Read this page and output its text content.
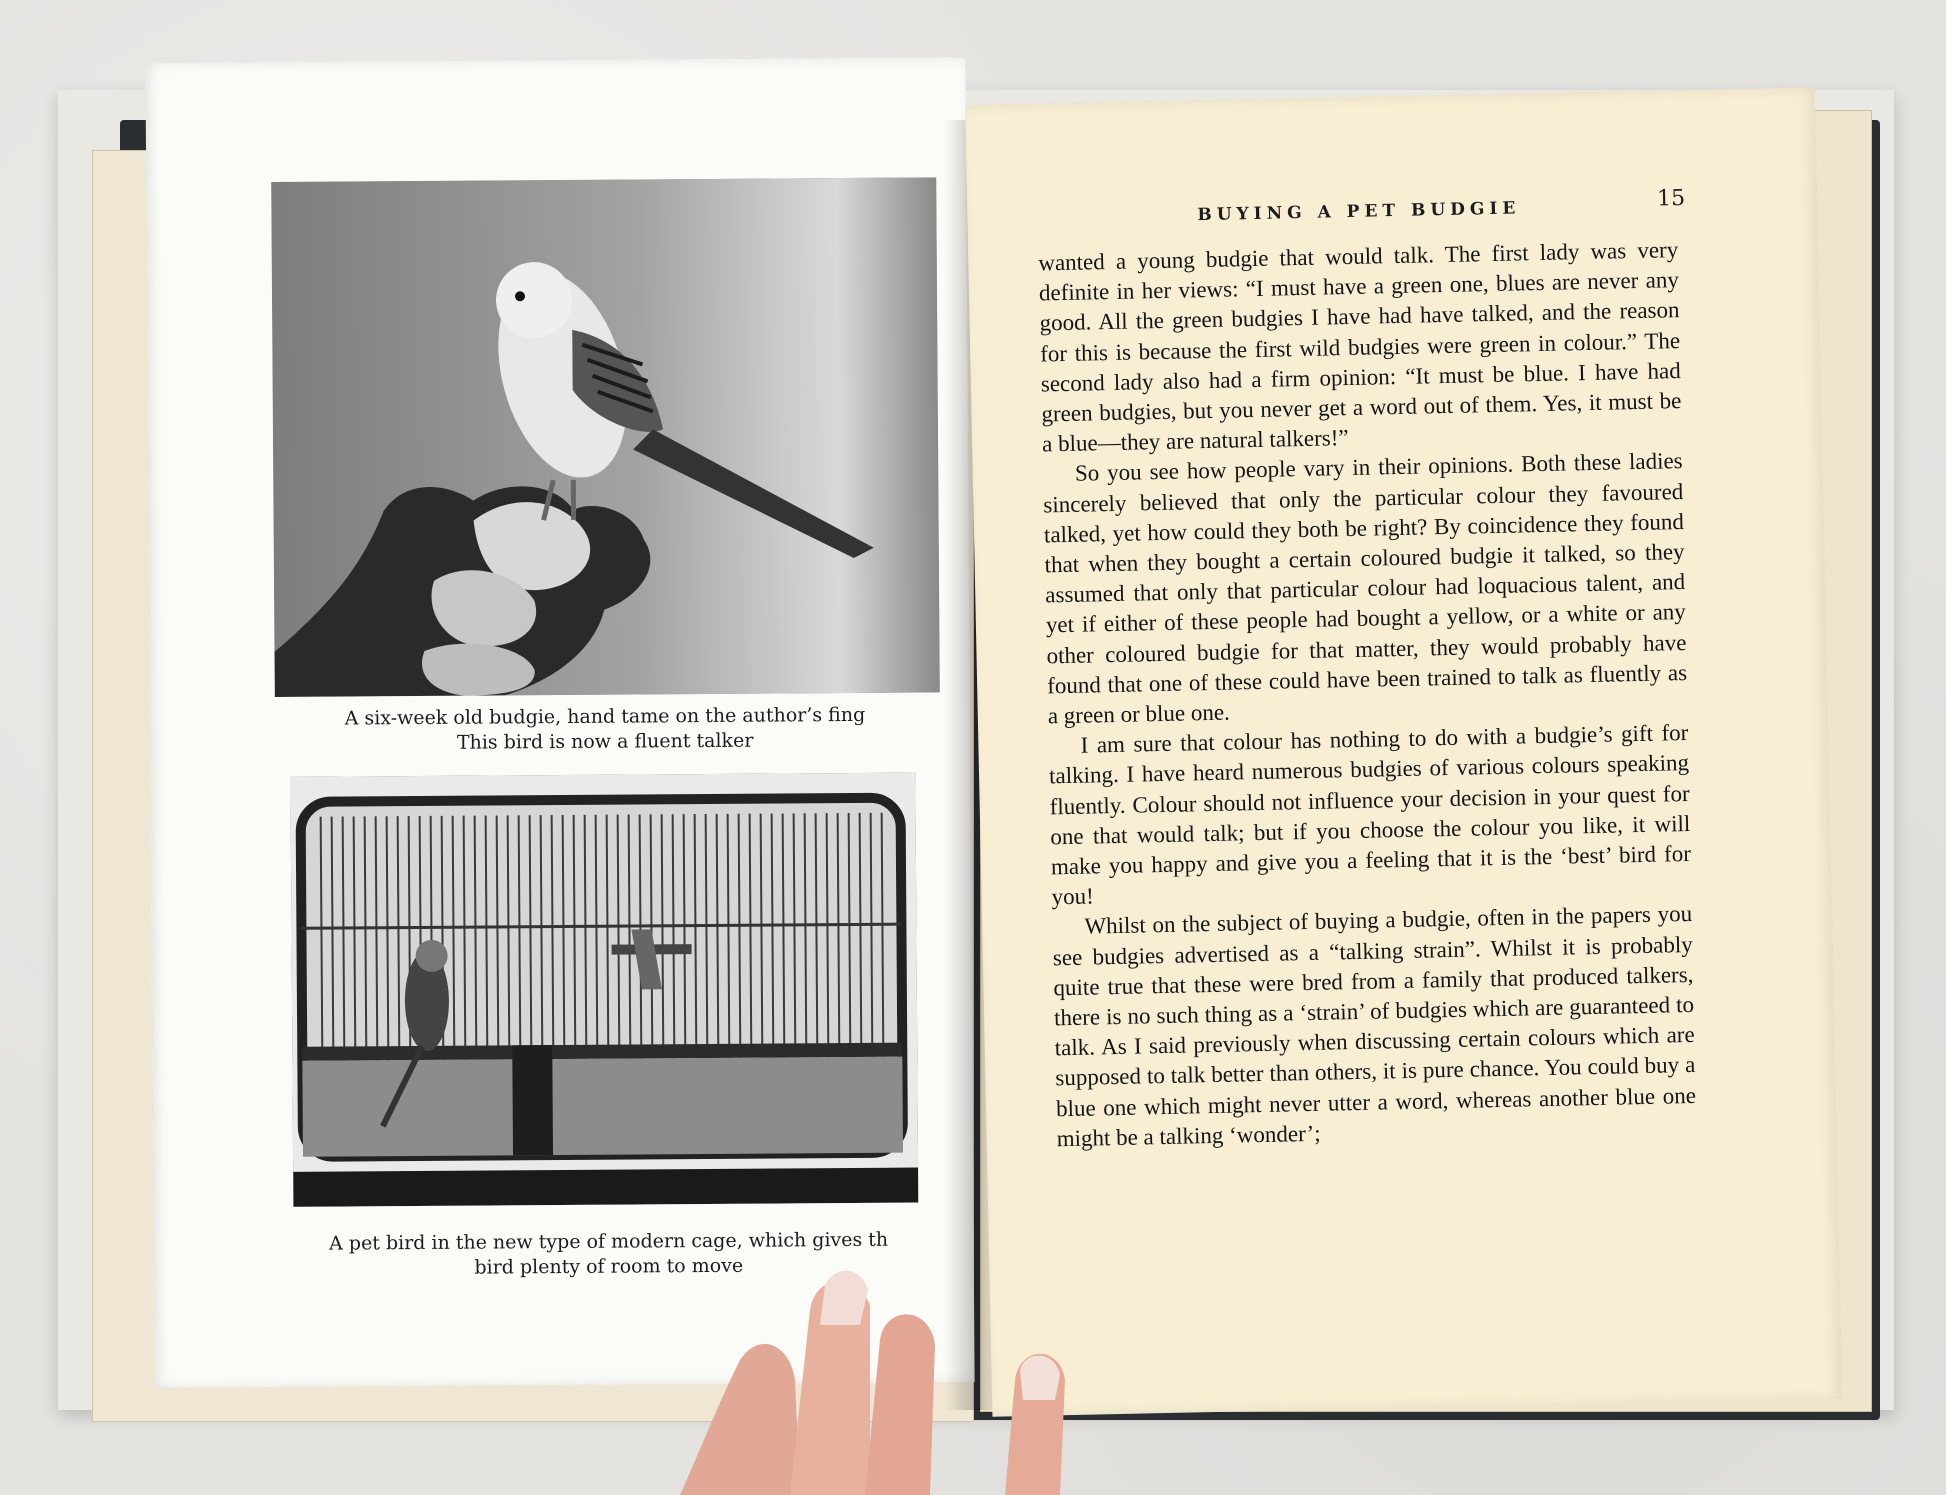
A six-week old budgie, hand tame on the author’s fing
This bird is now a fluent talker
A pet bird in the new type of modern cage, which gives th
bird plenty of room to move
BUYING A PET BUDGIE	15

wanted a young budgie that would talk. The first lady was very definite in her views: “I must have a green one, blues are never any good. All the green budgies I have had have talked, and the reason for this is because the first wild budgies were green in colour.” The second lady also had a firm opinion: “It must be blue. I have had green budgies, but you never get a word out of them. Yes, it must be a blue—they are natural talkers!”

So you see how people vary in their opinions. Both these ladies sincerely believed that only the particular colour they favoured talked, yet how could they both be right? By coincidence they found that when they bought a certain coloured budgie it talked, so they assumed that only that particular colour had loquacious talent, and yet if either of these people had bought a yellow, or a white or any other coloured budgie for that matter, they would probably have found that one of these could have been trained to talk as fluently as a green or blue one.

I am sure that colour has nothing to do with a budgie’s gift for talking. I have heard numerous budgies of various colours speaking fluently. Colour should not influence your decision in your quest for one that would talk; but if you choose the colour you like, it will make you happy and give you a feeling that it is the ‘best’ bird for you!

Whilst on the subject of buying a budgie, often in the papers you see budgies advertised as a “talking strain”. Whilst it is probably quite true that these were bred from a family that produced talkers, there is no such thing as a ‘strain’ of budgies which are guaranteed to talk. As I said previously when discussing certain colours which are supposed to talk better than others, it is pure chance. You could buy a blue one which might never utter a word, whereas another blue one might be a talking ‘wonder’;
